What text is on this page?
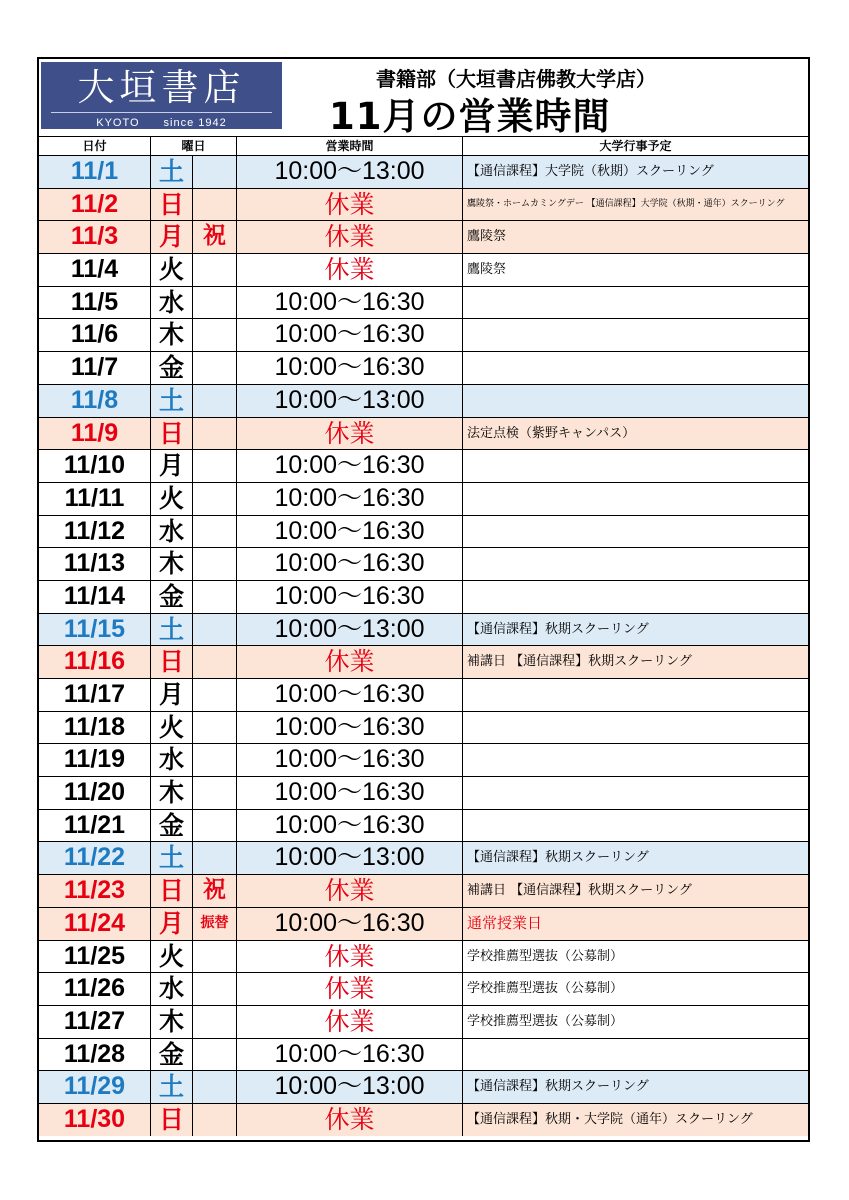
大垣書店
KYOTO　　since 1942
書籍部（大垣書店佛教大学店）
11月の営業時間
日付	曜日	営業時間	大学行事予定
11/1	土	10:00～13:00	【通信課程】大学院（秋期）スクーリング
11/2	日	休業	鷹陵祭・ホームカミングデー 【通信課程】大学院（秋期・通年）スクーリング
11/3	月 祝	休業	鷹陵祭
11/4	火	休業	鷹陵祭
11/5	水	10:00～16:30
11/6	木	10:00～16:30
11/7	金	10:00～16:30
11/8	土	10:00～13:00
11/9	日	休業	法定点検（紫野キャンパス）
11/10	月	10:00～16:30
11/11	火	10:00～16:30
11/12	水	10:00～16:30
11/13	木	10:00～16:30
11/14	金	10:00～16:30
11/15	土	10:00～13:00	【通信課程】秋期スクーリング
11/16	日	休業	補講日 【通信課程】秋期スクーリング
11/17	月	10:00～16:30
11/18	火	10:00～16:30
11/19	水	10:00～16:30
11/20	木	10:00～16:30
11/21	金	10:00～16:30
11/22	土	10:00～13:00	【通信課程】秋期スクーリング
11/23	日 祝	休業	補講日 【通信課程】秋期スクーリング
11/24	月	振替	10:00～16:30	通常授業日
11/25	火	休業	学校推薦型選抜（公募制）
11/26	水	休業	学校推薦型選抜（公募制）
11/27	木	休業	学校推薦型選抜（公募制）
11/28	金	10:00～16:30
11/29	土	10:00～13:00	【通信課程】秋期スクーリング
11/30	日	休業	【通信課程】秋期・大学院（通年）スクーリング
